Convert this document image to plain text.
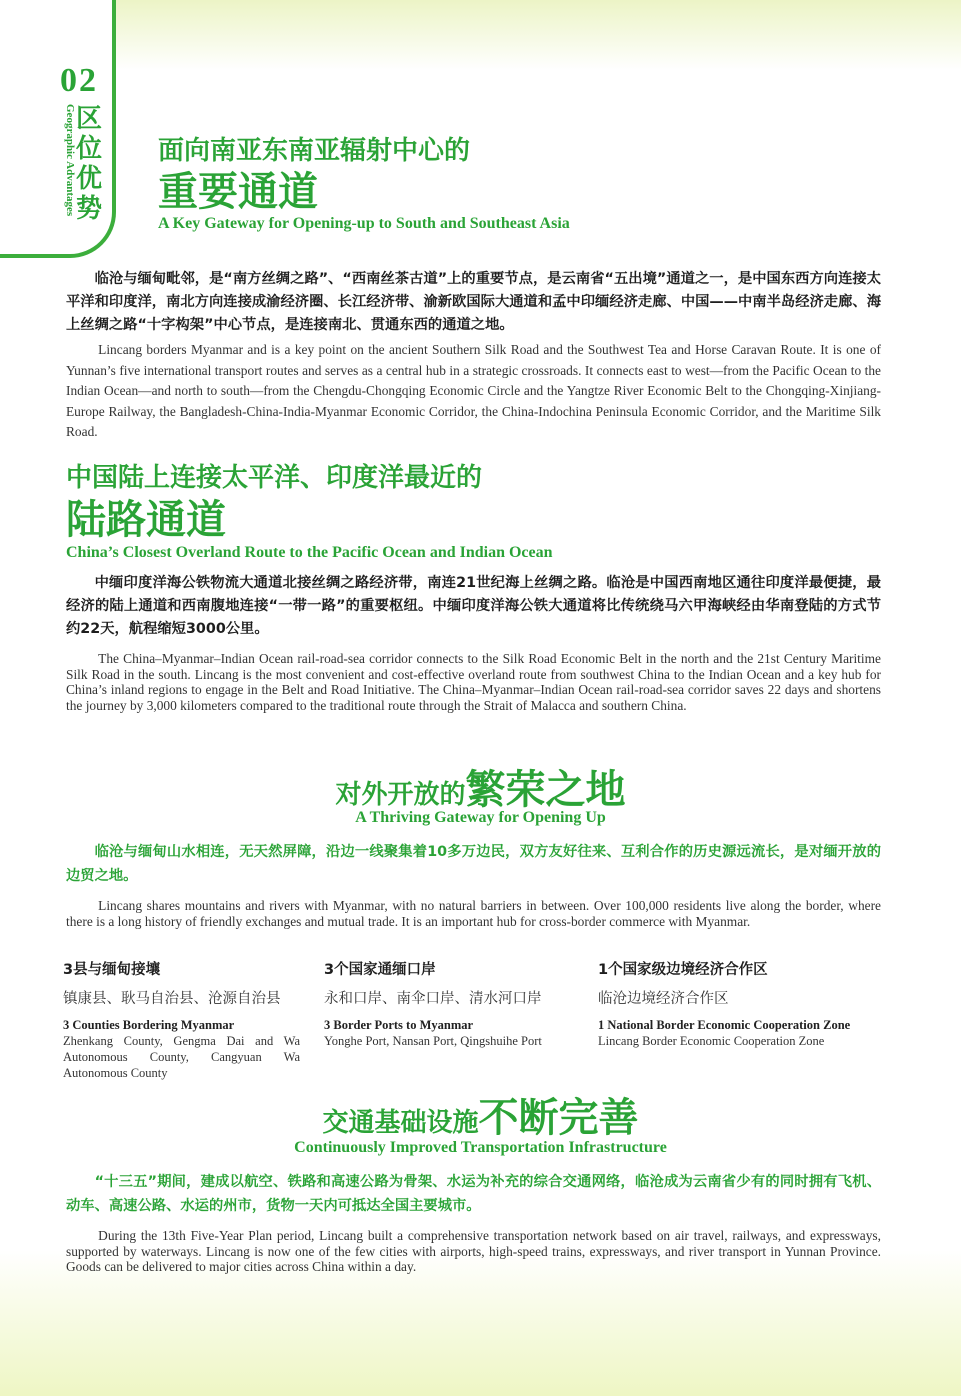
02
Geographic Advantages 区
位
优
势
面向南亚东南亚辐射中心的
重要通道
A Key Gateway for Opening-up to South and Southeast Asia
临沧与缅甸毗邻，是“南方丝绸之路”、“西南丝茶古道”上的重要节点，是云南省“五出境”通道之一，是中国东西方向连接太平洋和印度洋，南北方向连接成渝经济圈、长江经济带、渝新欧国际大通道和孟中印缅经济走廊、中国——中南半岛经济走廊、海上丝绸之路“十字构架”中心节点，是连接南北、贯通东西的通道之地。
Lincang borders Myanmar and is a key point on the ancient Southern Silk Road and the Southwest Tea and Horse Caravan Route. It is one of Yunnan’s five international transport routes and serves as a central hub in a strategic crossroads. It connects east to west—from the Pacific Ocean to the Indian Ocean—and north to south—from the Chengdu-Chongqing Economic Circle and the Yangtze River Economic Belt to the Chongqing-Xinjiang-Europe Railway, the Bangladesh-China-India-Myanmar Economic Corridor, the China-Indochina Peninsula Economic Corridor, and the Maritime Silk Road.
中国陆上连接太平洋、印度洋最近的
陆路通道
China’s Closest Overland Route to the Pacific Ocean and Indian Ocean
中缅印度洋海公铁物流大通道北接丝绸之路经济带，南连21世纪海上丝绸之路。临沧是中国西南地区通往印度洋最便捷，最经济的陆上通道和西南腹地连接“一带一路”的重要枢纽。中缅印度洋海公铁大通道将比传统绕马六甲海峡经由华南登陆的方式节约22天，航程缩短3000公里。
The China–Myanmar–Indian Ocean rail-road-sea corridor connects to the Silk Road Economic Belt in the north and the 21st Century Maritime Silk Road in the south. Lincang is the most convenient and cost-effective overland route from southwest China to the Indian Ocean and a key hub for China’s inland regions to engage in the Belt and Road Initiative. The China–Myanmar–Indian Ocean rail-road-sea corridor saves 22 days and shortens the journey by 3,000 kilometers compared to the traditional route through the Strait of Malacca and southern China.
对外开放的繁荣之地
A Thriving Gateway for Opening Up
临沧与缅甸山水相连，无天然屏障，沿边一线聚集着10多万边民，双方友好往来、互利合作的历史源远流长，是对缅开放的边贸之地。
Lincang shares mountains and rivers with Myanmar, with no natural barriers in between. Over 100,000 residents live along the border, where there is a long history of friendly exchanges and mutual trade. It is an important hub for cross-border commerce with Myanmar.
3县与缅甸接壤
镇康县、耿马自治县、沧源自治县
3 Counties Bordering Myanmar
Zhenkang County, Gengma Dai and Wa Autonomous County, Cangyuan Wa Autonomous County
3个国家通缅口岸
永和口岸、南伞口岸、清水河口岸
3 Border Ports to Myanmar
Yonghe Port, Nansan Port, Qingshuihe Port
1个国家级边境经济合作区
临沧边境经济合作区
1 National Border Economic Cooperation Zone
Lincang Border Economic Cooperation Zone
交通基础设施不断完善
Continuously Improved Transportation Infrastructure
“十三五”期间，建成以航空、铁路和高速公路为骨架、水运为补充的综合交通网络，临沧成为云南省少有的同时拥有飞机、动车、高速公路、水运的州市，货物一天内可抵达全国主要城市。
During the 13th Five-Year Plan period, Lincang built a comprehensive transportation network based on air travel, railways, and expressways, supported by waterways. Lincang is now one of the few cities with airports, high-speed trains, expressways, and river transport in Yunnan Province. Goods can be delivered to major cities across China within a day.
